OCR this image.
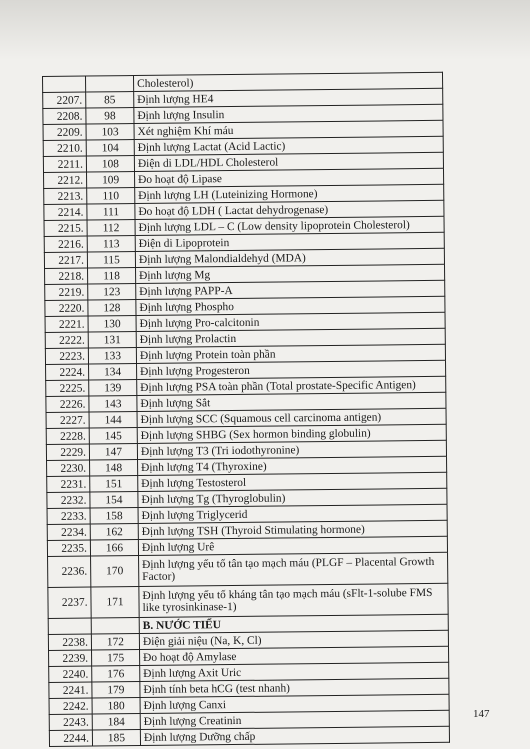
		Cholesterol)
2207.	85	Định lượng HE4
2208.	98	Định lượng Insulin
2209.	103	Xét nghiệm Khí máu
2210.	104	Định lượng Lactat (Acid Lactic)
2211.	108	Điện di LDL/HDL Cholesterol
2212.	109	Đo hoạt độ Lipase
2213.	110	Định lượng LH (Luteinizing Hormone)
2214.	111	Đo hoạt độ LDH ( Lactat dehydrogenase)
2215.	112	Định lượng LDL – C (Low density lipoprotein Cholesterol)
2216.	113	Điện di Lipoprotein
2217.	115	Định lượng Malondialdehyd (MDA)
2218.	118	Định lượng Mg
2219.	123	Định lượng PAPP-A
2220.	128	Định lượng Phospho
2221.	130	Định lượng Pro-calcitonin
2222.	131	Định lượng Prolactin
2223.	133	Định lượng Protein toàn phần
2224.	134	Định lượng Progesteron
2225.	139	Định lượng PSA toàn phần (Total prostate-Specific Antigen)
2226.	143	Định lượng Sắt
2227.	144	Định lượng SCC (Squamous cell carcinoma antigen)
2228.	145	Định lượng SHBG (Sex hormon binding globulin)
2229.	147	Định lượng T3 (Tri iodothyronine)
2230.	148	Định lượng T4 (Thyroxine)
2231.	151	Định lượng Testosterol
2232.	154	Định lượng Tg (Thyroglobulin)
2233.	158	Định lượng Triglycerid
2234.	162	Định lượng TSH (Thyroid Stimulating hormone)
2235.	166	Định lượng Urê
2236.	170	Định lượng yếu tố tân tạo mạch máu (PLGF – Placental Growth Factor)
2237.	171	Định lượng yếu tố kháng tân tạo mạch máu (sFlt-1-solube FMS like tyrosinkinase-1)
		B. NƯỚC TIỂU
2238.	172	Điện giải niệu (Na, K, Cl)
2239.	175	Đo hoạt độ Amylase
2240.	176	Định lượng Axit Uric
2241.	179	Định tính beta hCG (test nhanh)
2242.	180	Định lượng Canxi
2243.	184	Định lượng Creatinin
2244.	185	Định lượng Dưỡng chấp
147
